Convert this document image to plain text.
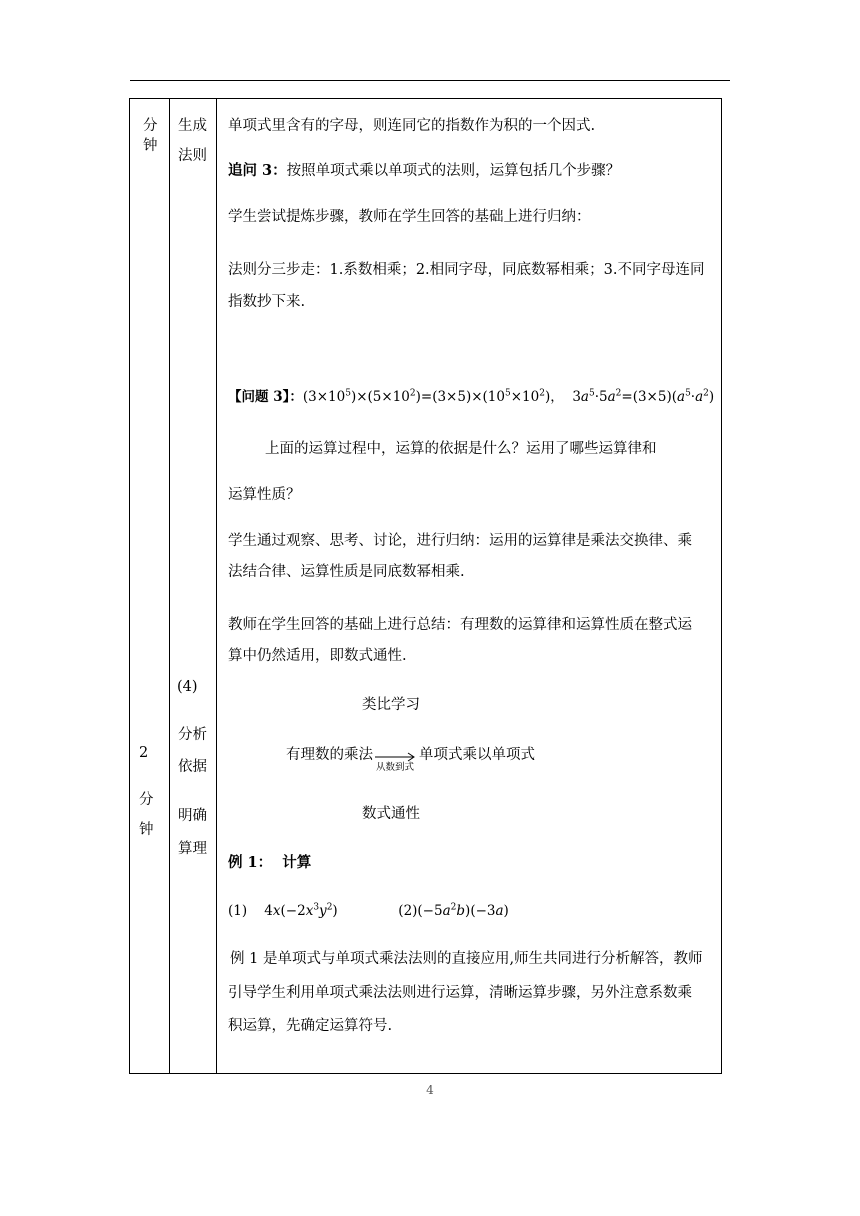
分
钟
2
分
钟
生成
法则
(4)
分析
依据
明确
算理
单项式里含有的字母，则连同它的指数作为积的一个因式.
追问 3：按照单项式乘以单项式的法则，运算包括几个步骤？
学生尝试提炼步骤，教师在学生回答的基础上进行归纳：
法则分三步走：1.系数相乘；2.相同字母，同底数幂相乘；3.不同字母连同
指数抄下来.
【问题 3】：$(3\times 10^5)\times(5\times 10^2)=(3\times 5)\times(10^5\times 10^2)$， $3a^5\cdot 5a^2=(3\times 5)(a^5\cdot a^2)$
上面的运算过程中，运算的依据是什么？运用了哪些运算律和
运算性质？
学生通过观察、思考、讨论，进行归纳：运用的运算律是乘法交换律、乘
法结合律、运算性质是同底数幂相乘.
教师在学生回答的基础上进行总结：有理数的运算律和运算性质在整式运
算中仍然适用，即数式通性.
类比学习
有理数的乘法
从数到式
单项式乘以单项式
数式通性
例 1： 计算
(1) $4x(-2x^3y^2)$	$(2)(-5a^2b)(-3a)$
例 1 是单项式与单项式乘法法则的直接应用,师生共同进行分析解答，教师
引导学生利用单项式乘法法则进行运算，清晰运算步骤，另外注意系数乘
积运算，先确定运算符号.
4
